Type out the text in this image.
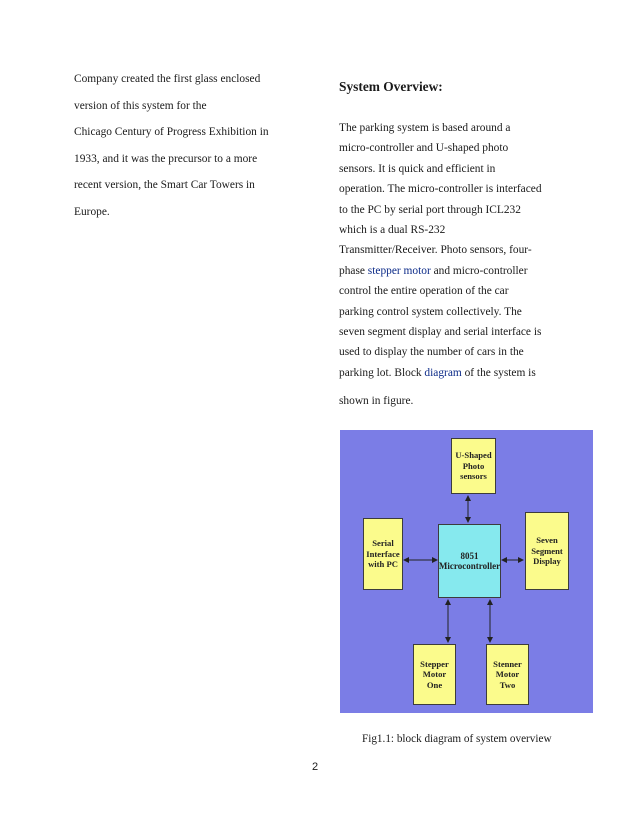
Company created the first glass enclosed
version of this system for the
Chicago Century of Progress Exhibition in
1933, and it was the precursor to a more
recent version, the Smart Car Towers in
Europe.
System Overview:
The parking system is based around a
micro-controller and U-shaped photo
sensors. It is quick and efficient in
operation. The micro-controller is interfaced
to the PC by serial port through ICL232
which is a dual RS-232
Transmitter/Receiver. Photo sensors, four-
phase stepper motor and micro-controller
control the entire operation of the car
parking control system collectively. The
seven segment display and serial interface is
used to display the number of cars in the
parking lot. Block diagram of the system is
shown in figure.
U-Shaped
Photo
sensors
Serial
Interface
with PC
8051
Microcontroller
Seven
Segment
Display
Stepper
Motor
One
Stenner
Motor
Two
Fig1.1: block diagram of system overview
2
